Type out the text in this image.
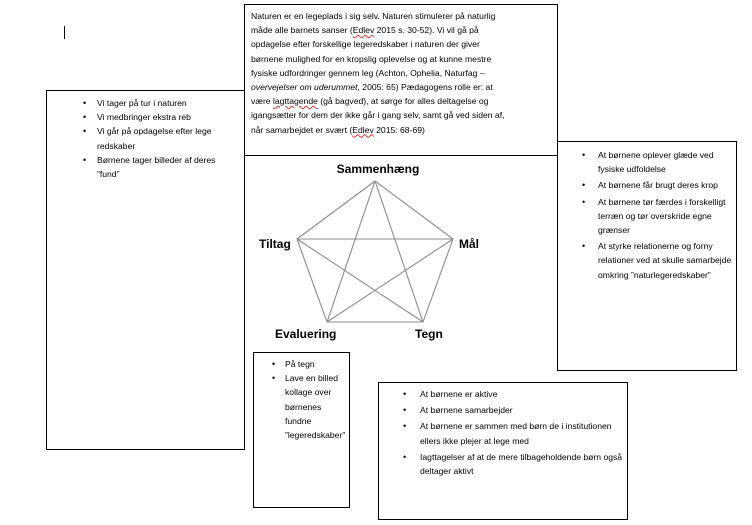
Naturen er en legeplads i sig selv. Naturen stimulerer på naturlig
måde alle barnets sanser (Edlev 2015 s. 30-52). Vi vil gå på
opdagelse efter forskellige legeredskaber i naturen der giver
børnene mulighed for en kropslig oplevelse og at kunne mestre
fysiske udfordringer gennem leg (Achton, Ophelia, Naturfag –
overvejelser om uderummet, 2005: 65) Pædagogens rolle er: at
være lagttagende (gå bagved), at sørge for alles deltagelse og
igangsætter for dem der ikke går i gang selv, samt gå ved siden af,
når samarbejdet er svært (Edlev 2015: 68-69)

• Vi tager på tur i naturen
• Vi medbringer ekstra reb
• Vi går på opdagelse efter lege redskaber
• Børnene tager billeder af deres ”fund”
• At børnene oplever glæde ved fysiske udfoldelse
• At børnene får brugt deres krop
• At børnene tør færdes i forskelligt terræn og tør overskride egne grænser
• At styrke relationerne og forny relationer ved at skulle samarbejde omkring ”naturlegeredskaber”
• På tegn
• Lave en billed kollage over børnenes fundne ”legeredskaber”
• At børnene er aktive
• At børnene samarbejder
• At børnene er sammen med børn de i institutionen ellers ikke plejer at lege med
• Iagttagelser af at de mere tilbageholdende børn også deltager aktivt
Sammenhæng
Mål
Tegn
Evaluering
Tiltag
